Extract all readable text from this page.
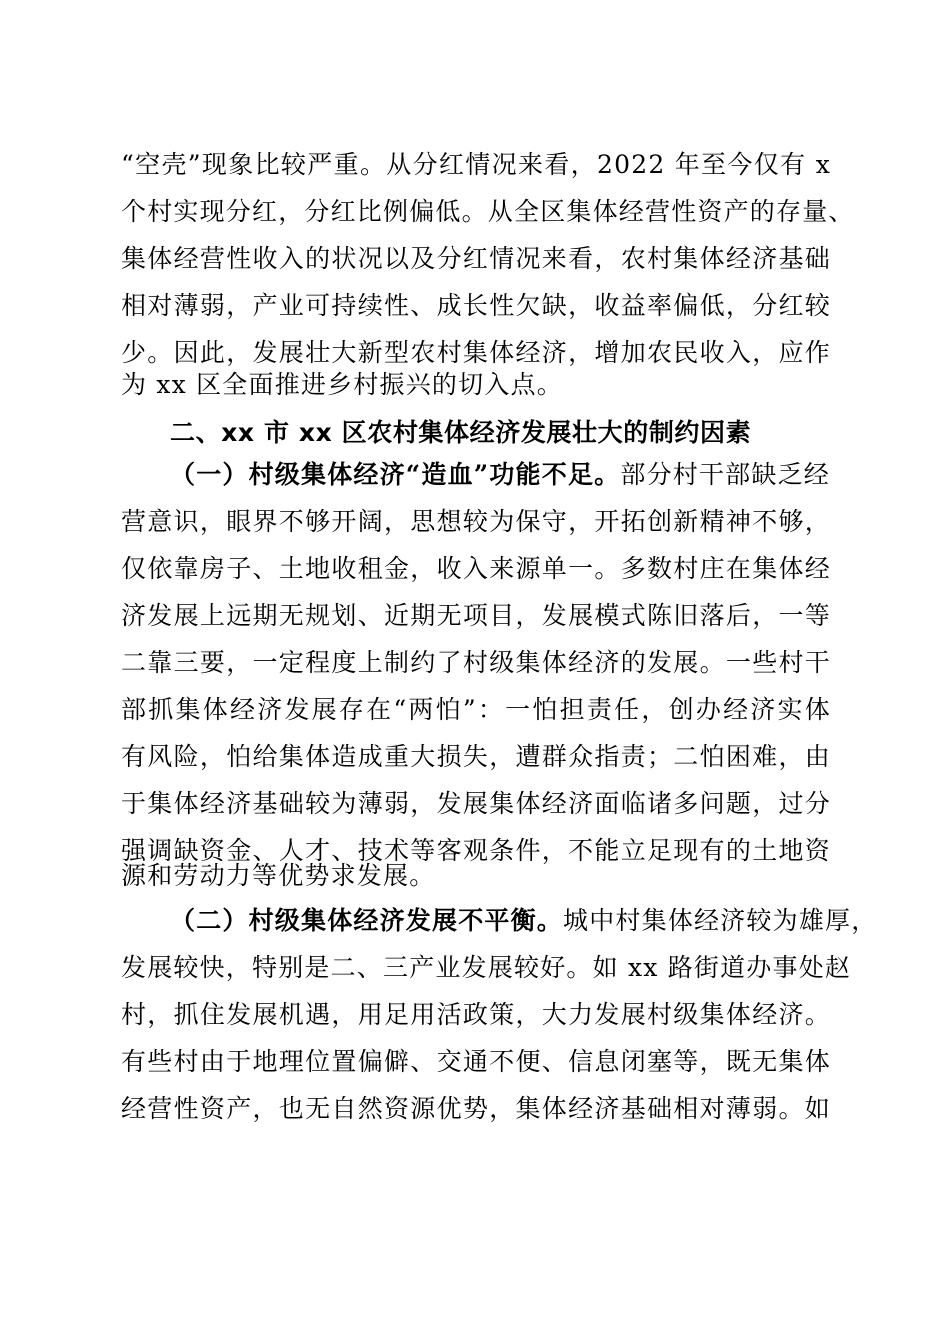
“空壳”现象比较严重。从分红情况来看，2022 年至今仅有 x
个村实现分红，分红比例偏低。从全区集体经营性资产的存量、
集体经营性收入的状况以及分红情况来看，农村集体经济基础
相对薄弱，产业可持续性、成长性欠缺，收益率偏低，分红较
少。因此，发展壮大新型农村集体经济，增加农民收入，应作
为 xx 区全面推进乡村振兴的切入点。
二、xx 市 xx 区农村集体经济发展壮大的制约因素
（一）村级集体经济“造血”功能不足。部分村干部缺乏经
营意识，眼界不够开阔，思想较为保守，开拓创新精神不够，
仅依靠房子、土地收租金，收入来源单一。多数村庄在集体经
济发展上远期无规划、近期无项目，发展模式陈旧落后，一等
二靠三要，一定程度上制约了村级集体经济的发展。一些村干
部抓集体经济发展存在“两怕”：一怕担责任，创办经济实体
有风险，怕给集体造成重大损失，遭群众指责；二怕困难，由
于集体经济基础较为薄弱，发展集体经济面临诸多问题，过分
强调缺资金、人才、技术等客观条件，不能立足现有的土地资
源和劳动力等优势求发展。
（二）村级集体经济发展不平衡。城中村集体经济较为雄厚，
发展较快，特别是二、三产业发展较好。如 xx 路街道办事处赵
村，抓住发展机遇，用足用活政策，大力发展村级集体经济。
有些村由于地理位置偏僻、交通不便、信息闭塞等，既无集体
经营性资产，也无自然资源优势，集体经济基础相对薄弱。如
